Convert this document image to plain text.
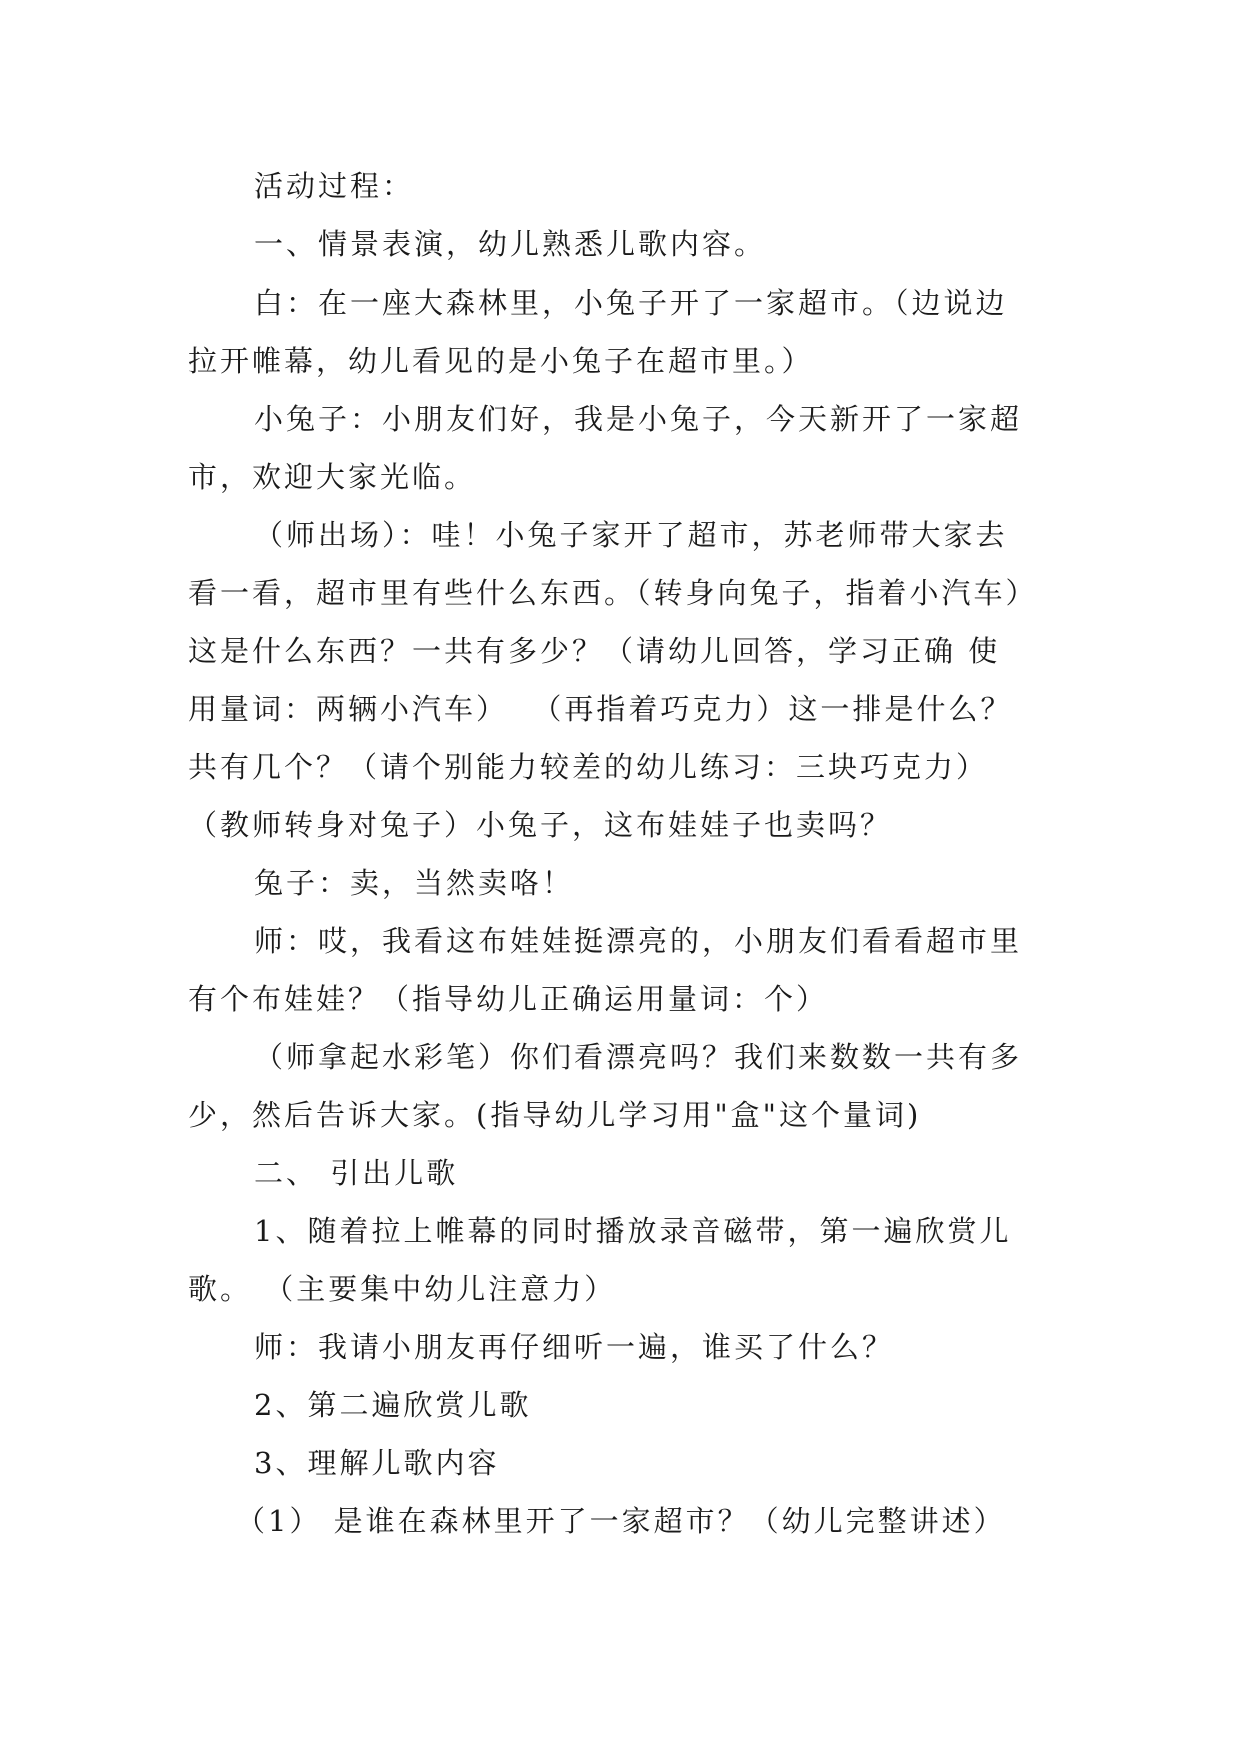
活动过程：
一、情景表演，幼儿熟悉儿歌内容。
白：在一座大森林里，小兔子开了一家超市。（边说边
拉开帷幕，幼儿看见的是小兔子在超市里。）
小兔子：小朋友们好，我是小兔子，今天新开了一家超
市，欢迎大家光临。
（师出场）：哇！小兔子家开了超市，苏老师带大家去
看一看，超市里有些什么东西。（转身向兔子，指着小汽车）
这是什么东西？一共有多少？（请幼儿回答，学习正确 使
用量词：两辆小汽车）  （再指着巧克力）这一排是什么？
共有几个？（请个别能力较差的幼儿练习：三块巧克力）
（教师转身对兔子）小兔子，这布娃娃子也卖吗？
兔子：卖，当然卖咯！
师：哎，我看这布娃娃挺漂亮的，小朋友们看看超市里
有个布娃娃？（指导幼儿正确运用量词：个）
（师拿起水彩笔）你们看漂亮吗？我们来数数一共有多
少，然后告诉大家。(指导幼儿学习用"盒"这个量词)
二、 引出儿歌
1、随着拉上帷幕的同时播放录音磁带，第一遍欣赏儿
歌。 （主要集中幼儿注意力）
师：我请小朋友再仔细听一遍，谁买了什么？
2、第二遍欣赏儿歌
3、理解儿歌内容
（1） 是谁在森林里开了一家超市？（幼儿完整讲述）
